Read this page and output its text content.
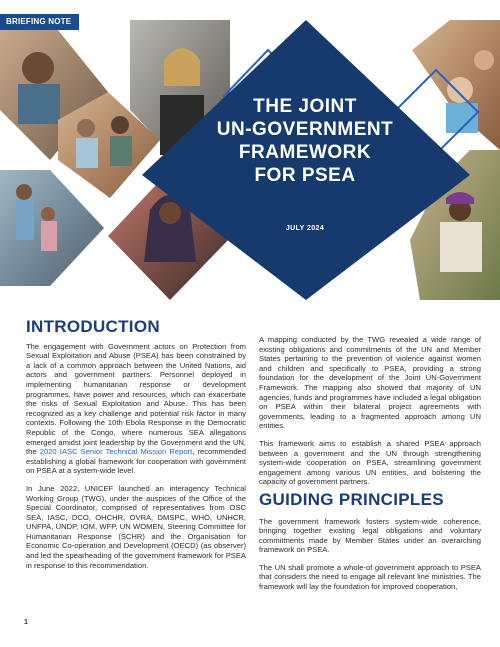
BRIEFING NOTE

THE JOINT
UN-GOVERNMENT
FRAMEWORK
FOR PSEA

JULY 2024
INTRODUCTION

The engagement with Government actors on Protection from Sexual Exploitation and Abuse (PSEA) has been constrained by a lack of a common approach between the United Nations, aid actors and government partners. Personnel deployed in implementing humanitarian response or development programmes, have power and resources, which can exacerbate the risks of Sexual Exploitation and Abuse. This has been recognized as a key challenge and potential risk factor in many contexts. Following the 10th Ebola Response in the Democratic Republic of the Congo, where numerous SEA allegations emerged amidst joint leadership by the Government and the UN, the 2020 IASC Senior Technical Mission Report, recommended establishing a global framework for cooperation with government on PSEA at a system-wide level.

In June 2022, UNICEF launched an interagency Technical Working Group (TWG), under the auspices of the Office of the Special Coordinator, comprised of representatives from OSC SEA, IASC, DCO, OHCHR, OVRA, DMSPC, WHO, UNHCR, UNFPA, UNDP, IOM, WFP, UN WOMEN, Steering Committee for Humanitarian Response (SCHR) and the Organisation for Economic Co-operation and Development (OECD) (as observer) and led the spearheading of the government framework for PSEA in response to this recommendation.

A mapping conducted by the TWG revealed a wide range of existing obligations and commitments of the UN and Member States pertaining to the prevention of violence against women and children and specifically to PSEA, providing a strong foundation for the development of the Joint UN-Government Framework. The mapping also showed that majority of UN agencies, funds and programmes have included a legal obligation on PSEA within their bilateral project agreements with governments, leading to a fragmented approach among UN entities.

This framework aims to establish a shared PSEA approach between a government and the UN through strengthening system-wide cooperation on PSEA, streamlining government engagement among various UN entities, and bolstering the capacity of government partners.

GUIDING PRINCIPLES

The government framework fosters system-wide coherence, bringing together existing legal obligations and voluntary commitments made by Member States under an overarching framework on PSEA.

The UN shall promote a whole-of government approach to PSEA that considers the need to engage all relevant line ministries. The framework will lay the foundation for improved cooperation,

1
